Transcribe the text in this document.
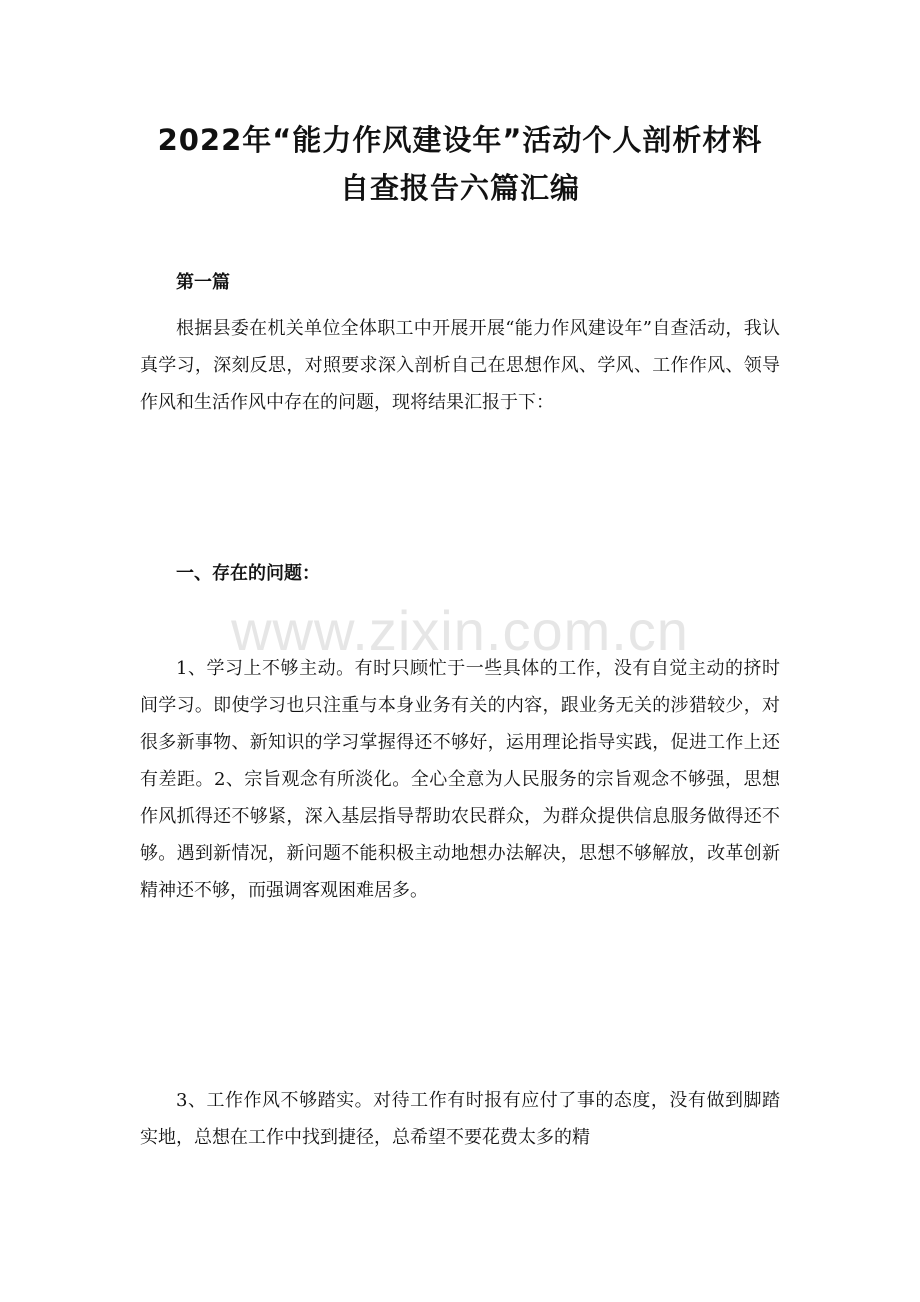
2022年“能力作风建设年”活动个人剖析材料
自查报告六篇汇编
第一篇

根据县委在机关单位全体职工中开展开展“能力作风建设年”自查活动，我认真学习，深刻反思，对照要求深入剖析自己在思想作风、学风、工作作风、领导作风和生活作风中存在的问题，现将结果汇报于下：

一、存在的问题：
www.zixin.com.cn

1、学习上不够主动。有时只顾忙于一些具体的工作，没有自觉主动的挤时间学习。即使学习也只注重与本身业务有关的内容，跟业务无关的涉猎较少，对很多新事物、新知识的学习掌握得还不够好，运用理论指导实践，促进工作上还有差距。2、宗旨观念有所淡化。全心全意为人民服务的宗旨观念不够强，思想作风抓得还不够紧，深入基层指导帮助农民群众，为群众提供信息服务做得还不够。遇到新情况，新问题不能积极主动地想办法解决，思想不够解放，改革创新精神还不够，而强调客观困难居多。

3、工作作风不够踏实。对待工作有时报有应付了事的态度，没有做到脚踏实地，总想在工作中找到捷径，总希望不要花费太多的精
